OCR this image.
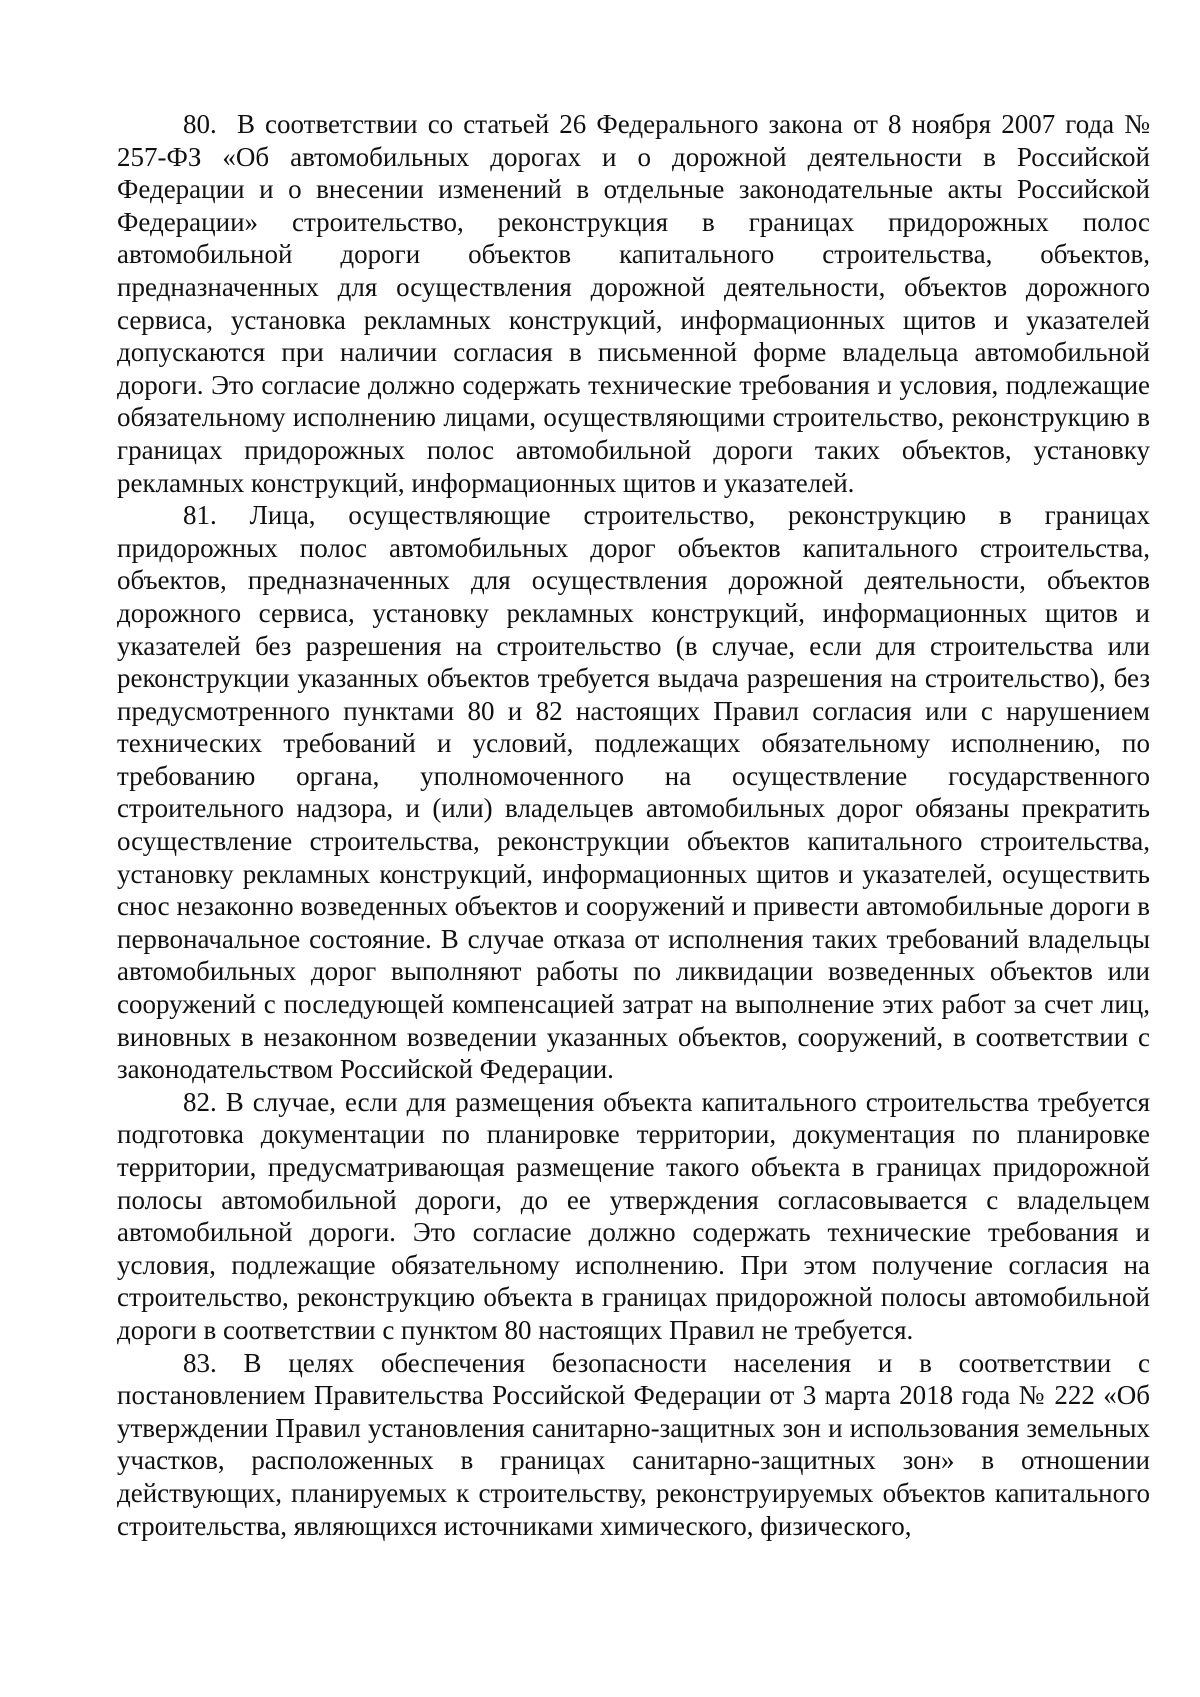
80. В соответствии со статьей 26 Федерального закона от 8 ноября 2007 года № 257-ФЗ «Об автомобильных дорогах и о дорожной деятельности в Российской Федерации и о внесении изменений в отдельные законодательные акты Российской Федерации» строительство, реконструкция в границах придорожных полос автомобильной дороги объектов капитального строительства, объектов, предназначенных для осуществления дорожной деятельности, объектов дорожного сервиса, установка рекламных конструкций, информационных щитов и указателей допускаются при наличии согласия в письменной форме владельца автомобильной дороги. Это согласие должно содержать технические требования и условия, подлежащие обязательному исполнению лицами, осуществляющими строительство, реконструкцию в границах придорожных полос автомобильной дороги таких объектов, установку рекламных конструкций, информационных щитов и указателей.

81. Лица, осуществляющие строительство, реконструкцию в границах придорожных полос автомобильных дорог объектов капитального строительства, объектов, предназначенных для осуществления дорожной деятельности, объектов дорожного сервиса, установку рекламных конструкций, информационных щитов и указателей без разрешения на строительство (в случае, если для строительства или реконструкции указанных объектов требуется выдача разрешения на строительство), без предусмотренного пунктами 80 и 82 настоящих Правил согласия или с нарушением технических требований и условий, подлежащих обязательному исполнению, по требованию органа, уполномоченного на осуществление государственного строительного надзора, и (или) владельцев автомобильных дорог обязаны прекратить осуществление строительства, реконструкции объектов капитального строительства, установку рекламных конструкций, информационных щитов и указателей, осуществить снос незаконно возведенных объектов и сооружений и привести автомобильные дороги в первоначальное состояние. В случае отказа от исполнения таких требований владельцы автомобильных дорог выполняют работы по ликвидации возведенных объектов или сооружений с последующей компенсацией затрат на выполнение этих работ за счет лиц, виновных в незаконном возведении указанных объектов, сооружений, в соответствии с законодательством Российской Федерации.

82. В случае, если для размещения объекта капитального строительства требуется подготовка документации по планировке территории, документация по планировке территории, предусматривающая размещение такого объекта в границах придорожной полосы автомобильной дороги, до ее утверждения согласовывается с владельцем автомобильной дороги. Это согласие должно содержать технические требования и условия, подлежащие обязательному исполнению. При этом получение согласия на строительство, реконструкцию объекта в границах придорожной полосы автомобильной дороги в соответствии с пунктом 80 настоящих Правил не требуется.

83. В целях обеспечения безопасности населения и в соответствии с постановлением Правительства Российской Федерации от 3 марта 2018 года № 222 «Об утверждении Правил установления санитарно-защитных зон и использования земельных участков, расположенных в границах санитарно-защитных зон» в отношении действующих, планируемых к строительству, реконструируемых объектов капитального строительства, являющихся источниками химического, физического,
